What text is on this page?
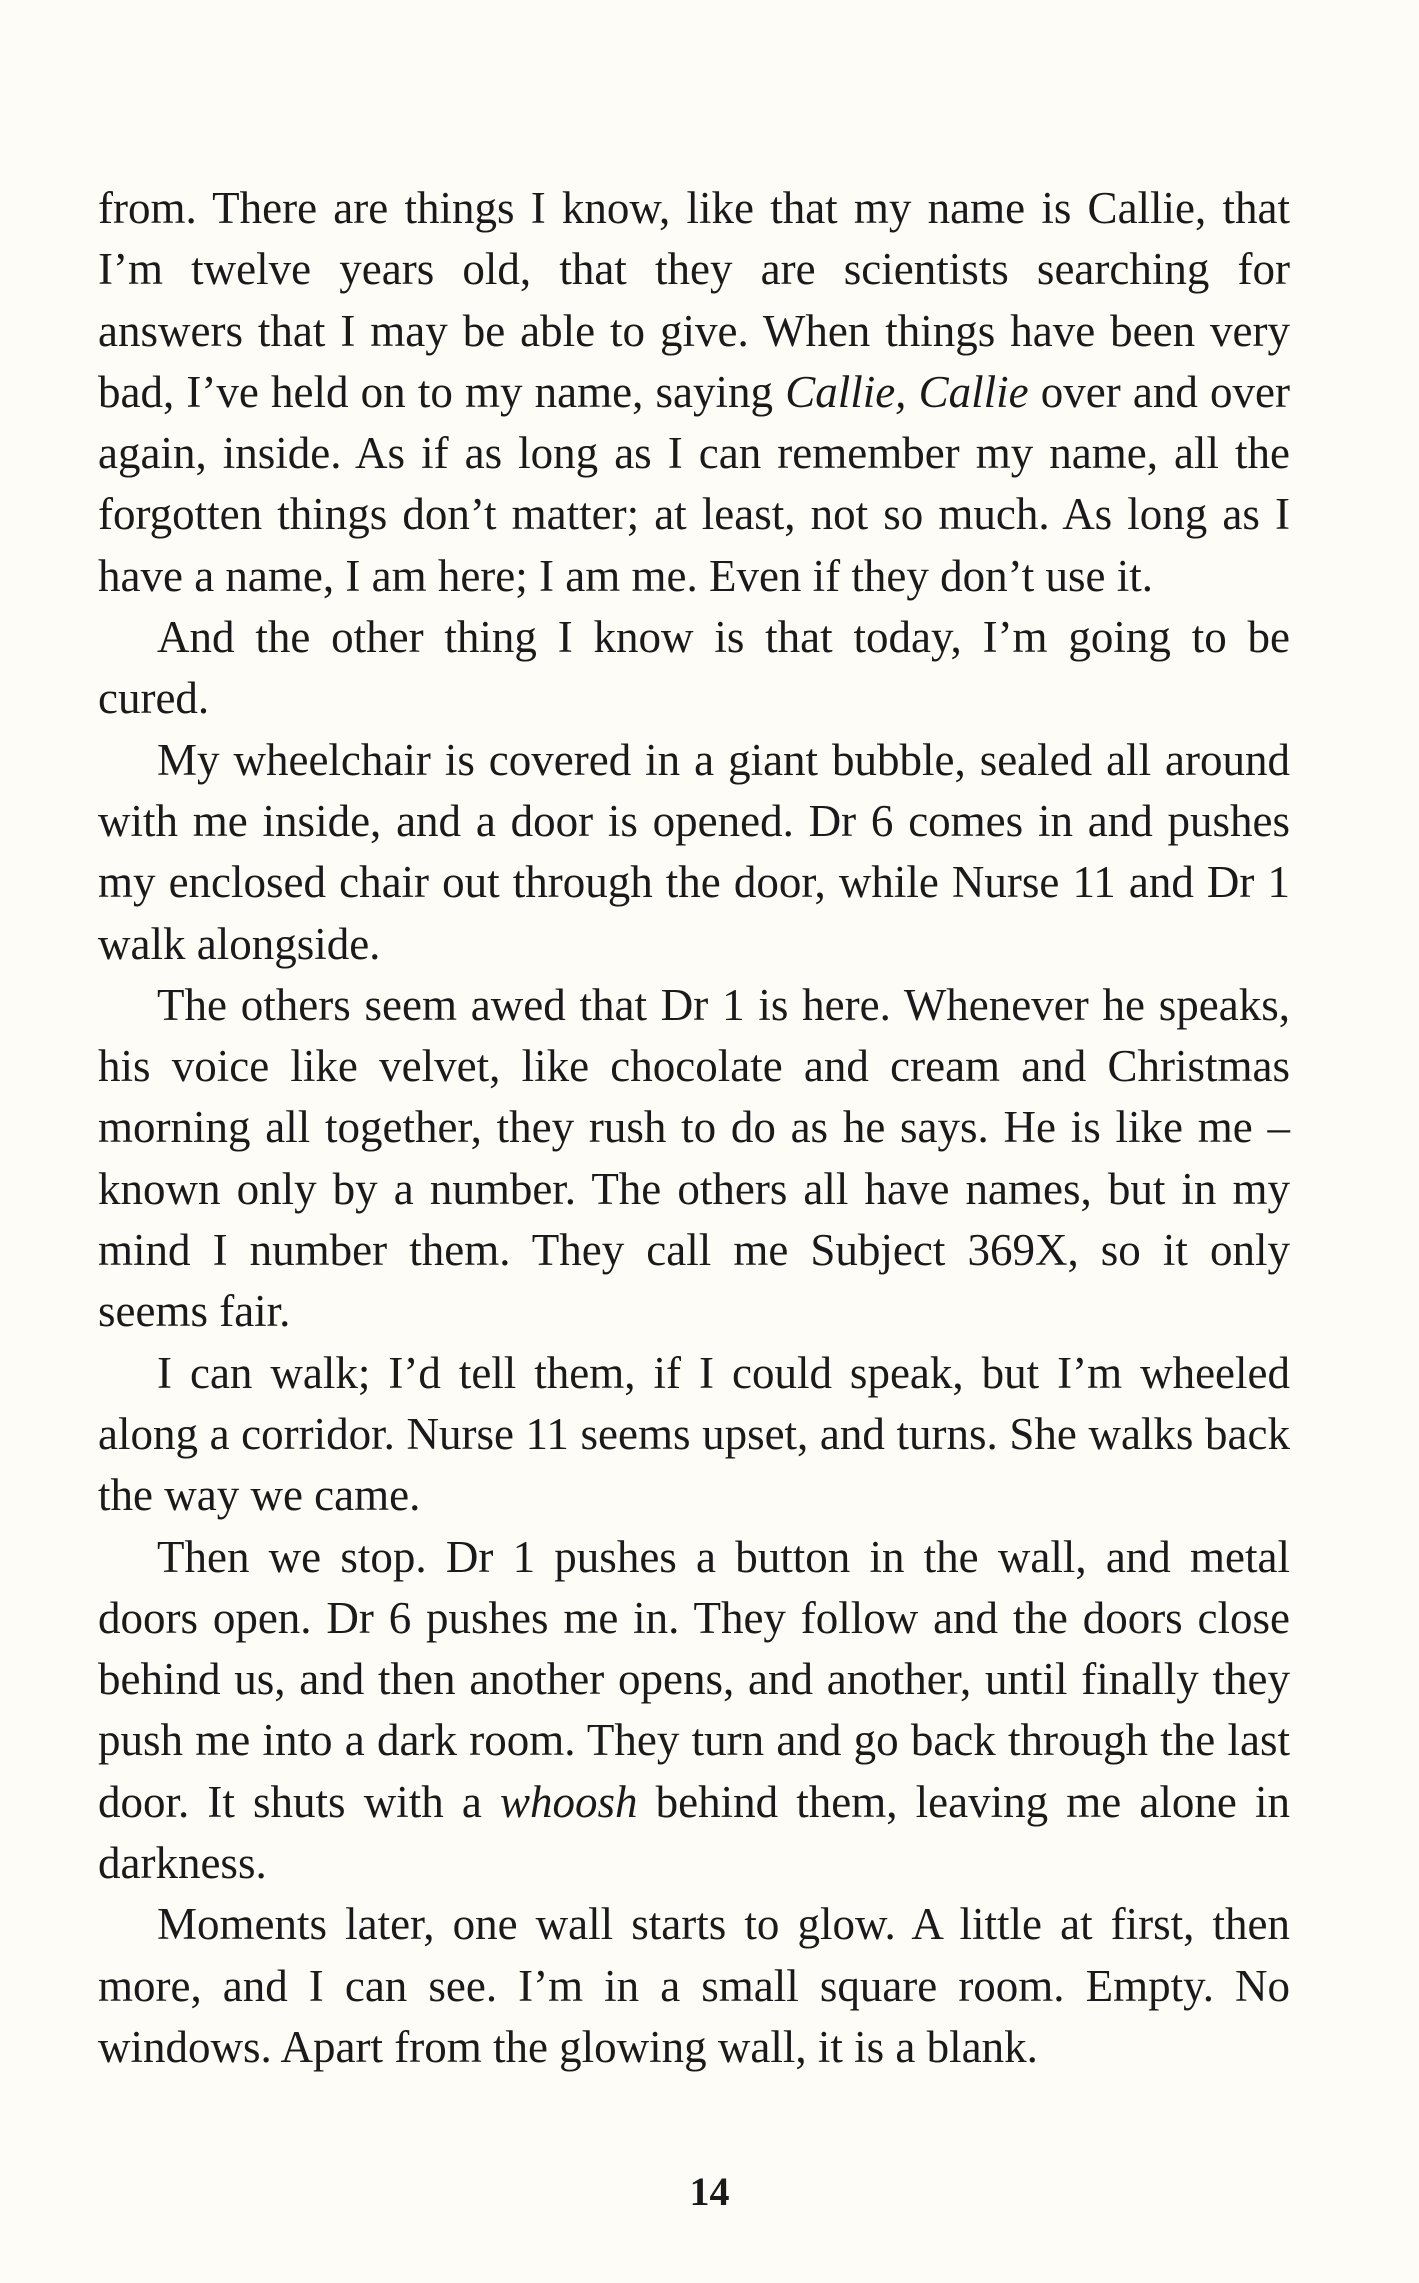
from. There are things I know, like that my name is Callie, that I’m twelve years old, that they are scientists searching for answers that I may be able to give. When things have been very bad, I’ve held on to my name, saying Callie, Callie over and over again, inside. As if as long as I can remember my name, all the forgotten things don’t matter; at least, not so much. As long as I have a name, I am here; I am me. Even if they don’t use it.

And the other thing I know is that today, I’m going to be cured.

My wheelchair is covered in a giant bubble, sealed all around with me inside, and a door is opened. Dr 6 comes in and pushes my enclosed chair out through the door, while Nurse 11 and Dr 1 walk alongside.

The others seem awed that Dr 1 is here. Whenever he speaks, his voice like velvet, like chocolate and cream and Christmas morning all together, they rush to do as he says. He is like me – known only by a number. The others all have names, but in my mind I number them. They call me Subject 369X, so it only seems fair.

I can walk; I’d tell them, if I could speak, but I’m wheeled along a corridor. Nurse 11 seems upset, and turns. She walks back the way we came.

Then we stop. Dr 1 pushes a button in the wall, and metal doors open. Dr 6 pushes me in. They follow and the doors close behind us, and then another opens, and another, until finally they push me into a dark room. They turn and go back through the last door. It shuts with a whoosh behind them, leaving me alone in darkness.

Moments later, one wall starts to glow. A little at first, then more, and I can see. I’m in a small square room. Empty. No windows. Apart from the glowing wall, it is a blank.

14
